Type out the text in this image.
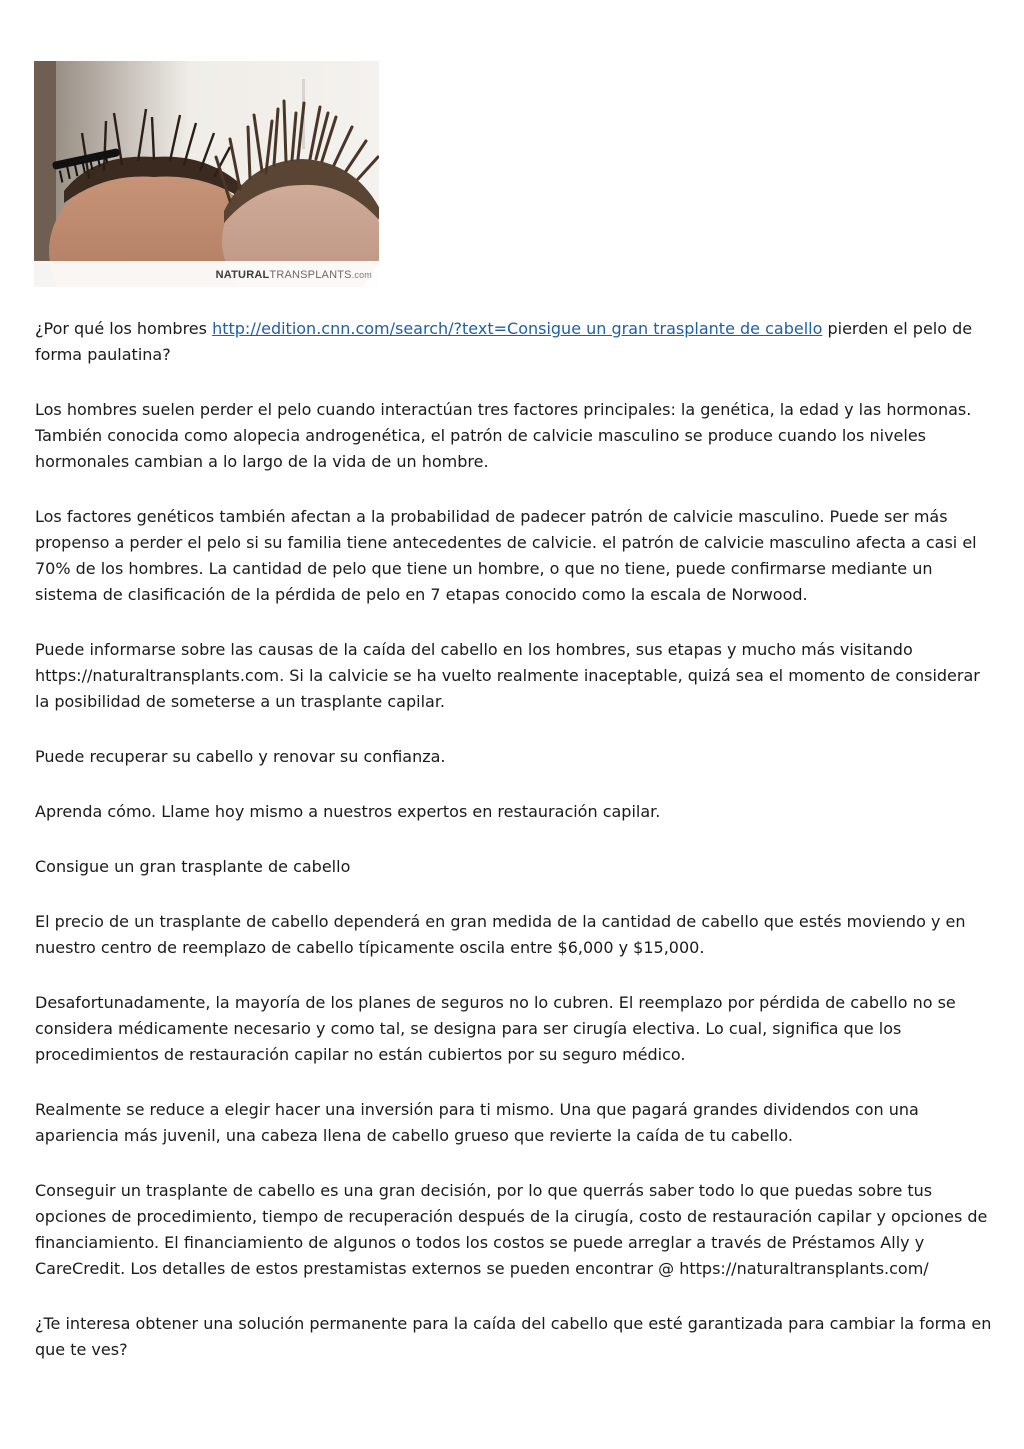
NATURALTRANSPLANTS.com

¿Por qué los hombres http://edition.cnn.com/search/?text=Consigue un gran trasplante de cabello pierden el pelo de forma paulatina?

Los hombres suelen perder el pelo cuando interactúan tres factores principales: la genética, la edad y las hormonas. También conocida como alopecia androgenética, el patrón de calvicie masculino se produce cuando los niveles hormonales cambian a lo largo de la vida de un hombre.

Los factores genéticos también afectan a la probabilidad de padecer patrón de calvicie masculino. Puede ser más propenso a perder el pelo si su familia tiene antecedentes de calvicie. el patrón de calvicie masculino afecta a casi el 70% de los hombres. La cantidad de pelo que tiene un hombre, o que no tiene, puede confirmarse mediante un sistema de clasificación de la pérdida de pelo en 7 etapas conocido como la escala de Norwood.

Puede informarse sobre las causas de la caída del cabello en los hombres, sus etapas y mucho más visitando https://naturaltransplants.com. Si la calvicie se ha vuelto realmente inaceptable, quizá sea el momento de considerar la posibilidad de someterse a un trasplante capilar.

Puede recuperar su cabello y renovar su confianza.

Aprenda cómo. Llame hoy mismo a nuestros expertos en restauración capilar.

Consigue un gran trasplante de cabello

El precio de un trasplante de cabello dependerá en gran medida de la cantidad de cabello que estés moviendo y en nuestro centro de reemplazo de cabello típicamente oscila entre $6,000 y $15,000.

Desafortunadamente, la mayoría de los planes de seguros no lo cubren. El reemplazo por pérdida de cabello no se considera médicamente necesario y como tal, se designa para ser cirugía electiva. Lo cual, significa que los procedimientos de restauración capilar no están cubiertos por su seguro médico.

Realmente se reduce a elegir hacer una inversión para ti mismo. Una que pagará grandes dividendos con una apariencia más juvenil, una cabeza llena de cabello grueso que revierte la caída de tu cabello.

Conseguir un trasplante de cabello es una gran decisión, por lo que querrás saber todo lo que puedas sobre tus opciones de procedimiento, tiempo de recuperación después de la cirugía, costo de restauración capilar y opciones de financiamiento. El financiamiento de algunos o todos los costos se puede arreglar a través de Préstamos Ally y CareCredit. Los detalles de estos prestamistas externos se pueden encontrar @ https://naturaltransplants.com/

¿Te interesa obtener una solución permanente para la caída del cabello que esté garantizada para cambiar la forma en que te ves?
